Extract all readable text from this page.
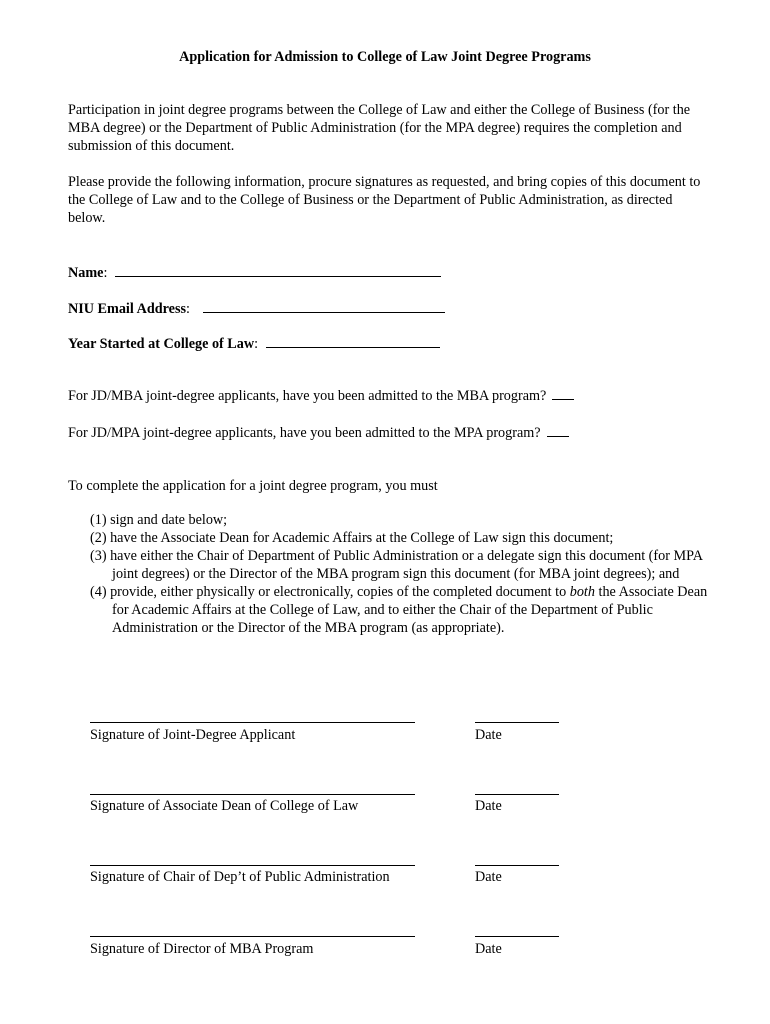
Application for Admission to College of Law Joint Degree Programs

Participation in joint degree programs between the College of Law and either the College of Business (for the MBA degree) or the Department of Public Administration (for the MPA degree) requires the completion and submission of this document.

Please provide the following information, procure signatures as requested, and bring copies of this document to the College of Law and to the College of Business or the Department of Public Administration, as directed below.

Name:
NIU Email Address:
Year Started at College of Law:
For JD/MBA joint-degree applicants, have you been admitted to the MBA program?
For JD/MPA joint-degree applicants, have you been admitted to the MPA program?
To complete the application for a joint degree program, you must
(1) sign and date below;
(2) have the Associate Dean for Academic Affairs at the College of Law sign this document;
(3) have either the Chair of Department of Public Administration or a delegate sign this document (for MPA joint degrees) or the Director of the MBA program sign this document (for MBA joint degrees); and
(4) provide, either physically or electronically, copies of the completed document to both the Associate Dean for Academic Affairs at the College of Law, and to either the Chair of the Department of Public Administration or the Director of the MBA program (as appropriate).
Signature of Joint-Degree Applicant	Date
Signature of Associate Dean of College of Law	Date
Signature of Chair of Dep’t of Public Administration	Date
Signature of Director of MBA Program	Date
